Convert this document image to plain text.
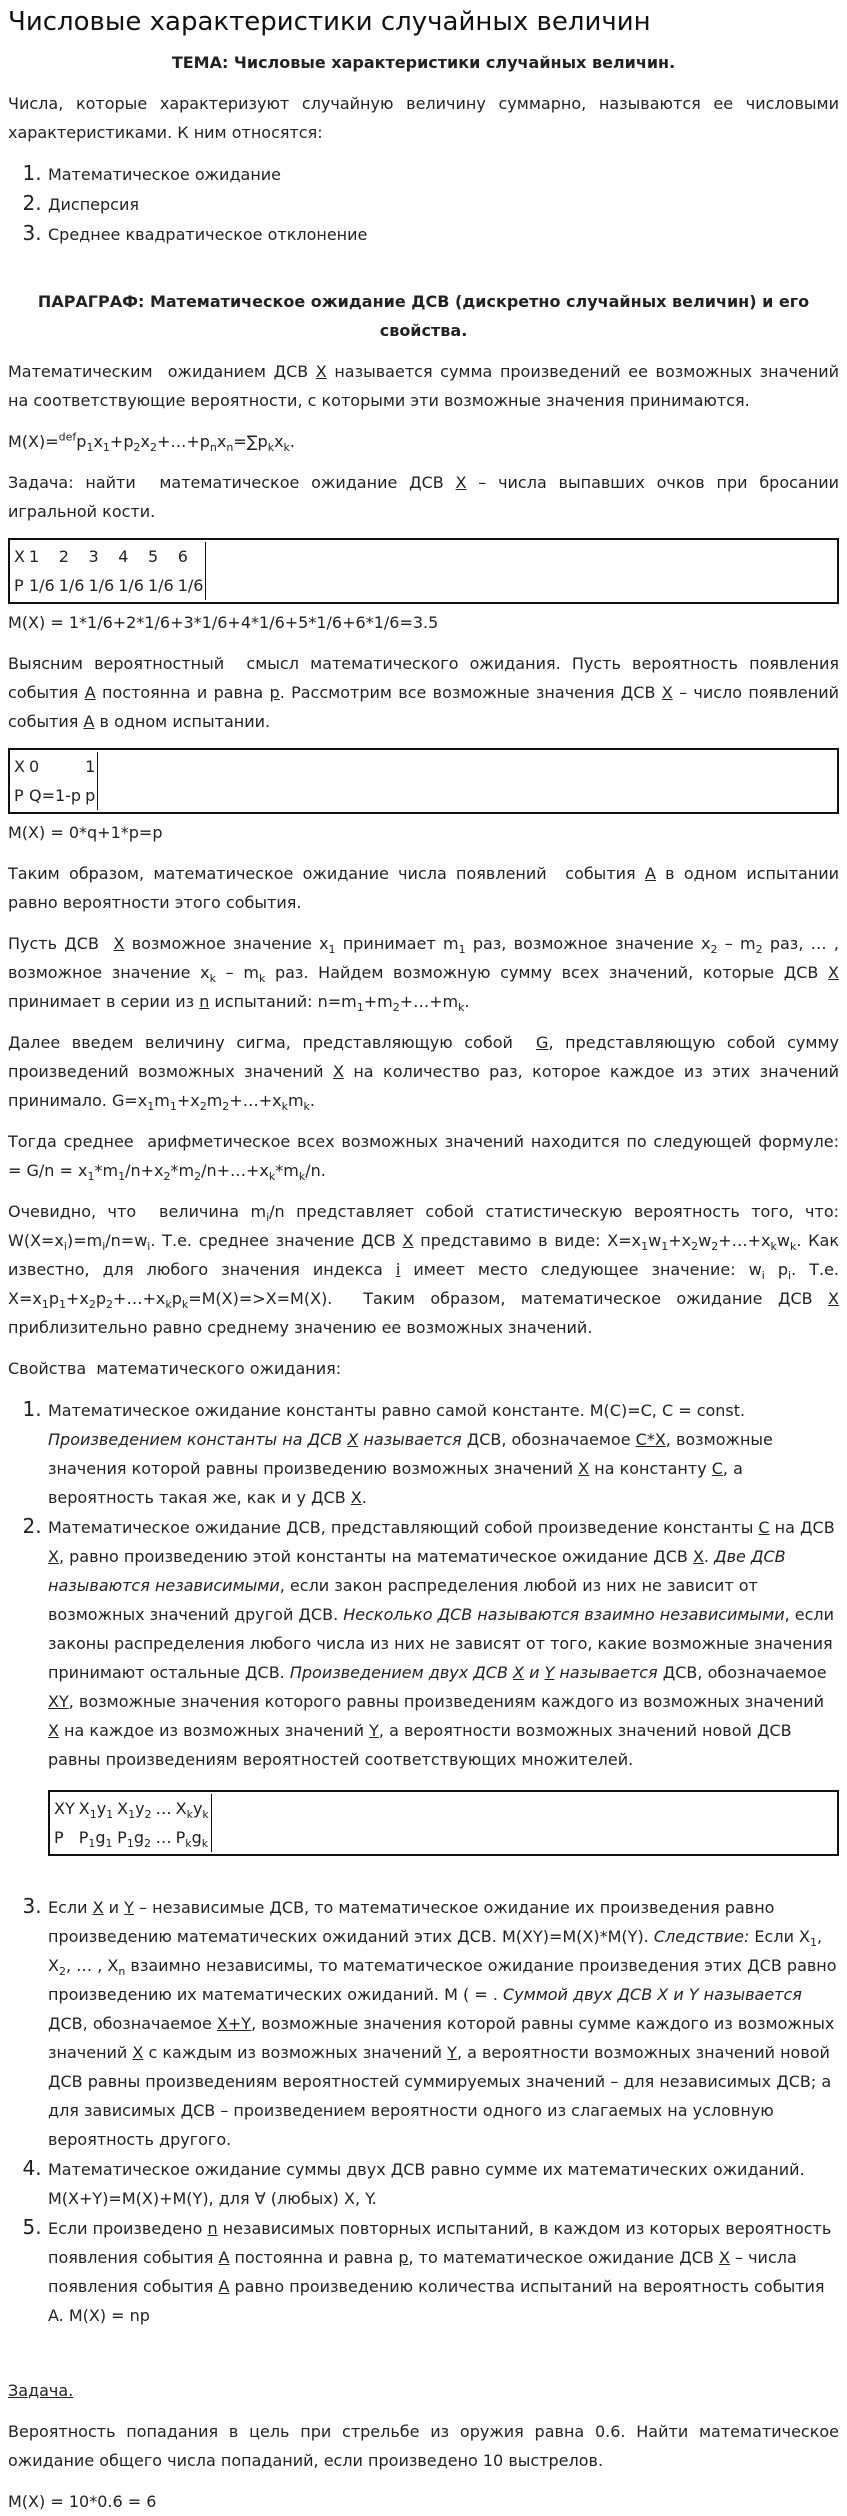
Числовые характеристики случайных величин
ТЕМА: Числовые характеристики случайных величин.

Числа, которые характеризуют случайную величину суммарно, называются ее числовыми характеристиками. К ним относятся:

1. Математическое ожидание
2. Дисперсия
3. Среднее квадратическое отклонение
ПАРАГРАФ: Математическое ожидание ДСВ (дискретно случайных величин) и его свойства.

Математическим  ожиданием ДСВ X называется сумма произведений ее возможных значений на соответствующие вероятности, с которыми эти возможные значения принимаются.

$M(X)=^{def}p_1x_1+p_2x_2+\dots+p_nx_n=\sum p_kx_k$.

Задача: найти  математическое ожидание ДСВ X – числа выпавших очков при бросании игральной кости.

X	1	2	3	4	5	6
P	1/6	1/6	1/6	1/6	1/6	1/6

M(X) = 1*1/6+2*1/6+3*1/6+4*1/6+5*1/6+6*1/6=3.5

Выясним вероятностный  смысл математического ожидания. Пусть вероятность появления события A постоянна и равна p. Рассмотрим все возможные значения ДСВ X – число появлений события A в одном испытании.

X	0	1
P	Q=1-p	p

M(X) = 0*q+1*p=p

Таким образом, математическое ожидание числа появлений  события A в одном испытании равно вероятности этого события.

Пусть ДСВ  X возможное значение $x_1$ принимает $m_1$ раз, возможное значение $x_2 - m_2$ раз, … , возможное значение $x_k - m_k$ раз. Найдем возможную сумму всех значений, которые ДСВ X принимает в серии из n испытаний: $n=m_1+m_2+\dots+m_k$.

Далее введем величину сигма, представляющую собой  G, представляющую собой сумму произведений возможных значений X на количество раз, которое каждое из этих значений принимало. $G=x_1m_1+x_2m_2+\dots+x_km_k$.

Тогда среднее  арифметическое всех возможных значений находится по следующей формуле: = $G/n = x_1*m_1/n+x_2*m_2/n+\dots+x_k*m_k/n$.

Очевидно, что  величина $m_i/n$ представляет собой статистическую вероятность того, что: $W(X=x_i)=m_i/n=w_i$. Т.е. среднее значение ДСВ X представимо в виде: $X=x_1w_1+x_2w_2+\dots+x_kw_k$. Как известно, для любого значения индекса i имеет место следующее значение: $w_i$ $p_i$. Т.е. $X=x_1p_1+x_2p_2+\dots+x_kp_k=M(X)=>X=M(X)$.  Таким образом, математическое ожидание ДСВ X приблизительно равно среднему значению ее возможных значений.

Свойства  математического ожидания:

1. Математическое ожидание константы равно самой константе. M(C)=C, C = const. Произведением константы на ДСВ X называется ДСВ, обозначаемое C*X, возможные значения которой равны произведению возможных значений X на константу C, а вероятность такая же, как и у ДСВ X.
2. Математическое ожидание ДСВ, представляющий собой произведение константы C на ДСВ X, равно произведению этой константы на математическое ожидание ДСВ X. Две ДСВ называются независимыми, если закон распределения любой из них не зависит от возможных значений другой ДСВ. Несколько ДСВ называются взаимно независимыми, если законы распределения любого числа из них не зависят от того, какие возможные значения принимают остальные ДСВ. Произведением двух ДСВ X и Y называется ДСВ, обозначаемое XY, возможные значения которого равны произведениям каждого из возможных значений X на каждое из возможных значений Y, а вероятности возможных значений новой ДСВ равны произведениям вероятностей соответствующих множителей.
XY	$X_1y_1$	$X_1y_2$	…	$X_ky_k$
P	$P_1g_1$	$P_1g_2$	…	$P_kg_k$
3. Если X и Y – независимые ДСВ, то математическое ожидание их произведения равно произведению математических ожиданий этих ДСВ. M(XY)=M(X)*M(Y). Следствие: Если $X_1$, $X_2$, … , $X_n$ взаимно независимы, то математическое ожидание произведения этих ДСВ равно произведению их математических ожиданий. M ( = . Суммой двух ДСВ X и Y называется ДСВ, обозначаемое X+Y, возможные значения которой равны сумме каждого из возможных значений X с каждым из возможных значений Y, а вероятности возможных значений новой ДСВ равны произведениям вероятностей суммируемых значений – для независимых ДСВ; а для зависимых ДСВ – произведением вероятности одного из слагаемых на условную вероятность другого.
4. Математическое ожидание суммы двух ДСВ равно сумме их математических ожиданий. M(X+Y)=M(X)+M(Y), для ∀ (любых) X, Y.
5. Если произведено n независимых повторных испытаний, в каждом из которых вероятность появления события A постоянна и равна p, то математическое ожидание ДСВ X – числа появления события A равно произведению количества испытаний на вероятность события A. M(X) = np

Задача.

Вероятность попадания в цель при стрельбе из оружия равна 0.6. Найти математическое ожидание общего числа попаданий, если произведено 10 выстрелов.

M(X) = 10*0.6 = 6
